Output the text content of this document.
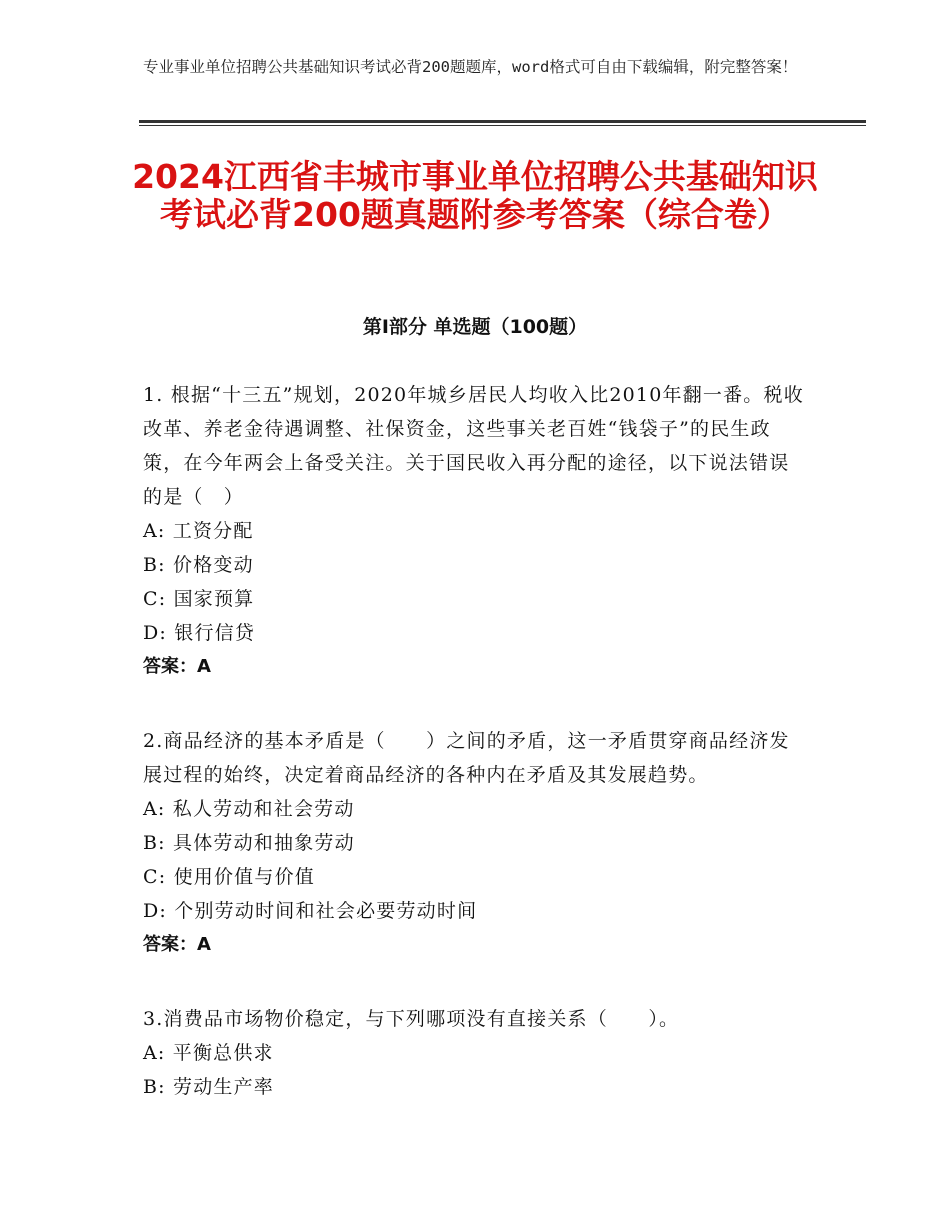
专业事业单位招聘公共基础知识考试必背200题题库，word格式可自由下载编辑，附完整答案！
2024江西省丰城市事业单位招聘公共基础知识考试必背200题真题附参考答案（综合卷）
第Ⅰ部分 单选题（100题）

1. 根据“十三五”规划，2020年城乡居民人均收入比2010年翻一番。税收改革、养老金待遇调整、社保资金，这些事关老百姓“钱袋子”的民生政策，在今年两会上备受关注。关于国民收入再分配的途径，以下说法错误的是（　）

A: 工资分配

B: 价格变动

C: 国家预算

D: 银行信贷

答案：A

2.商品经济的基本矛盾是（　　）之间的矛盾，这一矛盾贯穿商品经济发展过程的始终，决定着商品经济的各种内在矛盾及其发展趋势。

A: 私人劳动和社会劳动

B: 具体劳动和抽象劳动

C: 使用价值与价值

D: 个别劳动时间和社会必要劳动时间

答案：A

3.消费品市场物价稳定，与下列哪项没有直接关系（　　）。

A: 平衡总供求

B: 劳动生产率
